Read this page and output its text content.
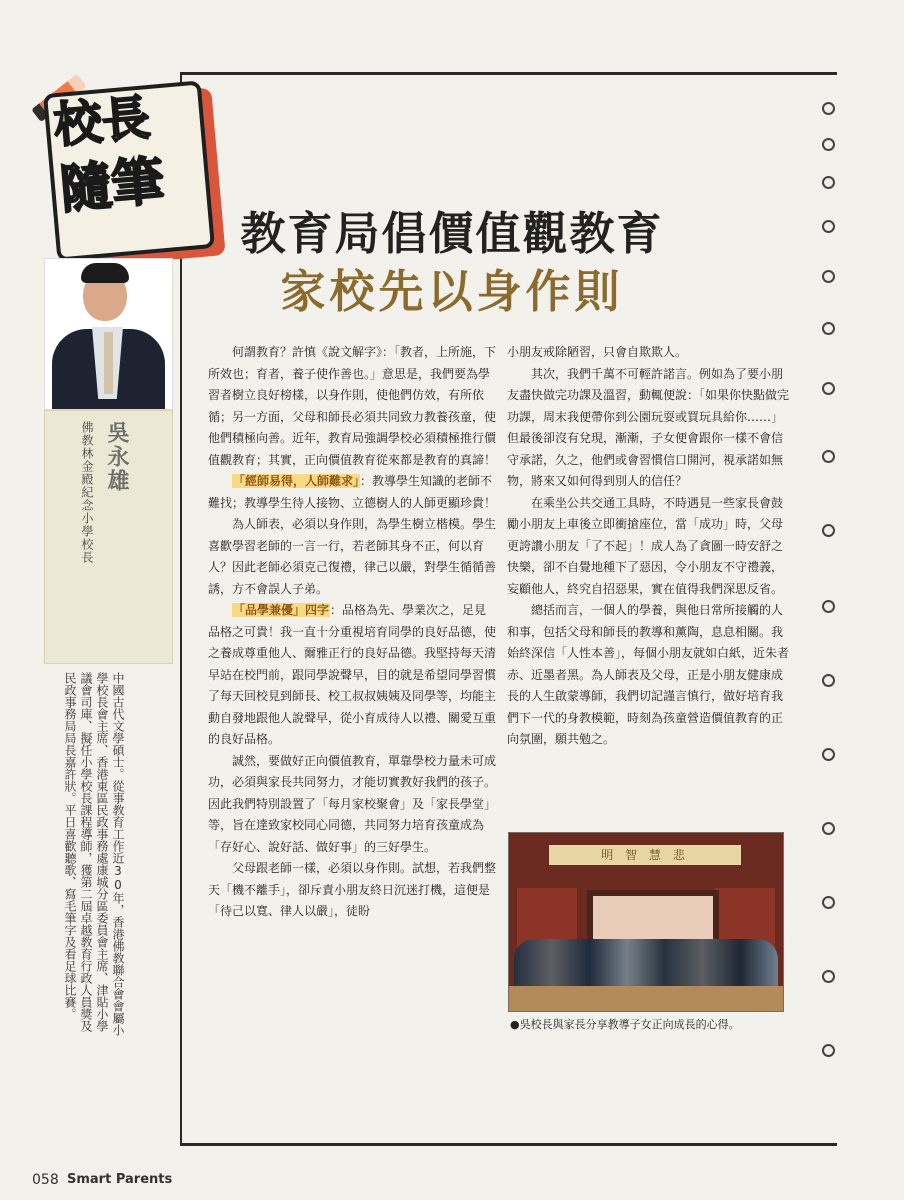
校長
隨筆
教育局倡價值觀教育
家校先以身作則
吳永雄
佛教林金殿紀念小學校長
中國古代文學碩士。從事教育工作近30年，香港佛教聯合會會屬小學校長會主席、香港東區民政事務處康城分區委員會主席、津貼小學議會司庫、擬任小學校長課程導師，獲第二屆卓越教育行政人員獎及民政事務局局長嘉許狀。平日喜歡聽歌、寫毛筆字及看足球比賽。

何謂教育？許慎《說文解字》：「教者，上所施，下所效也；育者，養子使作善也。」意思是，我們要為學習者樹立良好榜樣，以身作則，使他們仿效，有所依循；另一方面，父母和師長必須共同致力教養孩童，使他們積極向善。近年，教育局強調學校必須積極推行價值觀教育；其實，正向價值教育從來都是教育的真諦！

「經師易得，人師難求」：教導學生知識的老師不難找；教導學生待人接物、立德樹人的人師更顯珍貴！

為人師表，必須以身作則，為學生樹立楷模。學生喜歡學習老師的一言一行，若老師其身不正，何以育人？因此老師必須克己復禮，律己以嚴，對學生循循善誘，方不會誤人子弟。

「品學兼優」四字：品格為先、學業次之，足見品格之可貴！我一直十分重視培育同學的良好品德，使之養成尊重他人、爾雅正行的良好品德。我堅持每天清早站在校門前，跟同學說聲早，目的就是希望同學習慣了每天回校見到師長、校工叔叔姨姨及同學等，均能主動自發地跟他人說聲早，從小育成待人以禮、關愛互重的良好品格。

誠然，要做好正向價值教育，單靠學校力量未可成功，必須與家長共同努力，才能切實教好我們的孩子。因此我們特別設置了「每月家校聚會」及「家長學堂」等，旨在達致家校同心同德，共同努力培育孩童成為「存好心、說好話、做好事」的三好學生。

父母跟老師一樣，必須以身作則。試想，若我們整天「機不離手」，卻斥責小朋友終日沉迷打機，這便是「待己以寬、律人以嚴」，徒盼

小朋友戒除陋習，只會自欺欺人。

其次，我們千萬不可輕許諾言。例如為了要小朋友盡快做完功課及溫習，動輒便說：「如果你快點做完功課，周末我便帶你到公園玩耍或買玩具給你……」但最後卻沒有兌現，漸漸，子女便會跟你一樣不會信守承諾，久之，他們或會習慣信口開河，視承諾如無物，將來又如何得到別人的信任？

在乘坐公共交通工具時，不時遇見一些家長會鼓勵小朋友上車後立即衝搶座位，當「成功」時，父母更誇讚小朋友「了不起」！成人為了貪圖一時安舒之快樂，卻不自覺地種下了惡因，令小朋友不守禮義，妄顧他人，終究自招惡果，實在值得我們深思反省。

總括而言，一個人的學養，與他日常所接觸的人和事，包括父母和師長的教導和薰陶，息息相關。我始終深信「人性本善」，每個小朋友就如白紙，近朱者赤、近墨者黑。為人師表及父母，正是小朋友健康成長的人生啟蒙導師，我們切記謹言慎行，做好培育我們下一代的身教模範，時刻為孩童營造價值教育的正向氛圍，願共勉之。

明 智 慧 悲
●吳校長與家長分享教導子女正向成長的心得。
058 Smart Parents
